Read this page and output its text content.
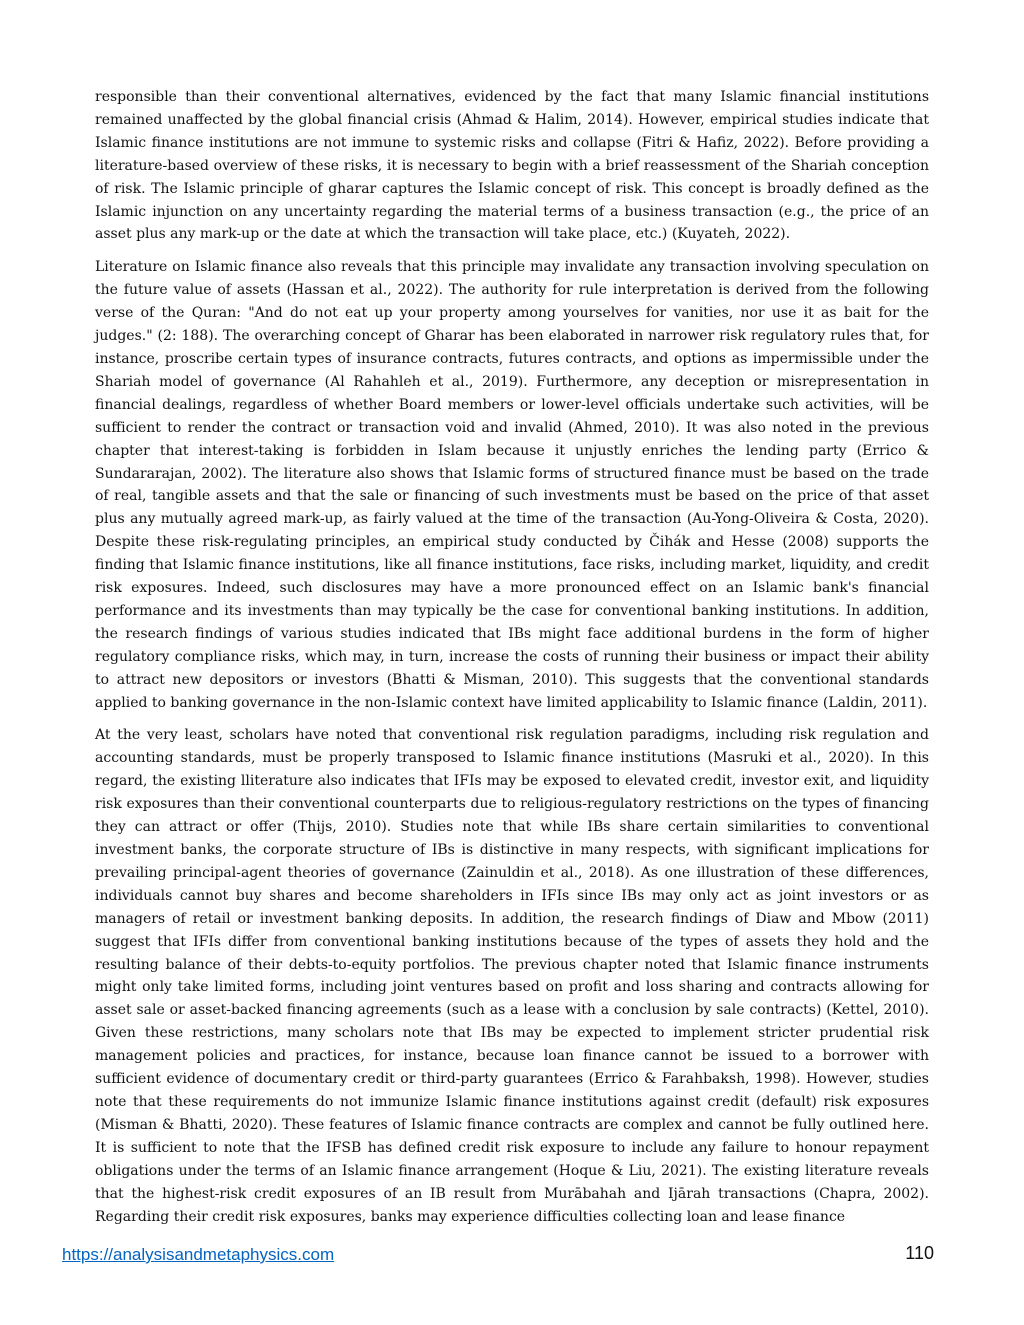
responsible than their conventional alternatives, evidenced by the fact that many Islamic financial institutions remained unaffected by the global financial crisis (Ahmad & Halim, 2014). However, empirical studies indicate that Islamic finance institutions are not immune to systemic risks and collapse (Fitri & Hafiz, 2022). Before providing a literature-based overview of these risks, it is necessary to begin with a brief reassessment of the Shariah conception of risk. The Islamic principle of gharar captures the Islamic concept of risk. This concept is broadly defined as the Islamic injunction on any uncertainty regarding the material terms of a business transaction (e.g., the price of an asset plus any mark-up or the date at which the transaction will take place, etc.) (Kuyateh, 2022).

Literature on Islamic finance also reveals that this principle may invalidate any transaction involving speculation on the future value of assets (Hassan et al., 2022). The authority for rule interpretation is derived from the following verse of the Quran: "And do not eat up your property among yourselves for vanities, nor use it as bait for the judges." (2: 188). The overarching concept of Gharar has been elaborated in narrower risk regulatory rules that, for instance, proscribe certain types of insurance contracts, futures contracts, and options as impermissible under the Shariah model of governance (Al Rahahleh et al., 2019). Furthermore, any deception or misrepresentation in financial dealings, regardless of whether Board members or lower-level officials undertake such activities, will be sufficient to render the contract or transaction void and invalid (Ahmed, 2010). It was also noted in the previous chapter that interest-taking is forbidden in Islam because it unjustly enriches the lending party (Errico & Sundararajan, 2002). The literature also shows that Islamic forms of structured finance must be based on the trade of real, tangible assets and that the sale or financing of such investments must be based on the price of that asset plus any mutually agreed mark-up, as fairly valued at the time of the transaction (Au-Yong-Oliveira & Costa, 2020). Despite these risk-regulating principles, an empirical study conducted by Čihák and Hesse (2008) supports the finding that Islamic finance institutions, like all finance institutions, face risks, including market, liquidity, and credit risk exposures. Indeed, such disclosures may have a more pronounced effect on an Islamic bank's financial performance and its investments than may typically be the case for conventional banking institutions. In addition, the research findings of various studies indicated that IBs might face additional burdens in the form of higher regulatory compliance risks, which may, in turn, increase the costs of running their business or impact their ability to attract new depositors or investors (Bhatti & Misman, 2010). This suggests that the conventional standards applied to banking governance in the non-Islamic context have limited applicability to Islamic finance (Laldin, 2011).

At the very least, scholars have noted that conventional risk regulation paradigms, including risk regulation and accounting standards, must be properly transposed to Islamic finance institutions (Masruki et al., 2020). In this regard, the existing lliterature also indicates that IFIs may be exposed to elevated credit, investor exit, and liquidity risk exposures than their conventional counterparts due to religious-regulatory restrictions on the types of financing they can attract or offer (Thijs, 2010). Studies note that while IBs share certain similarities to conventional investment banks, the corporate structure of IBs is distinctive in many respects, with significant implications for prevailing principal-agent theories of governance (Zainuldin et al., 2018). As one illustration of these differences, individuals cannot buy shares and become shareholders in IFIs since IBs may only act as joint investors or as managers of retail or investment banking deposits. In addition, the research findings of Diaw and Mbow (2011) suggest that IFIs differ from conventional banking institutions because of the types of assets they hold and the resulting balance of their debts-to-equity portfolios. The previous chapter noted that Islamic finance instruments might only take limited forms, including joint ventures based on profit and loss sharing and contracts allowing for asset sale or asset-backed financing agreements (such as a lease with a conclusion by sale contracts) (Kettel, 2010). Given these restrictions, many scholars note that IBs may be expected to implement stricter prudential risk management policies and practices, for instance, because loan finance cannot be issued to a borrower with sufficient evidence of documentary credit or third-party guarantees (Errico & Farahbaksh, 1998). However, studies note that these requirements do not immunize Islamic finance institutions against credit (default) risk exposures (Misman & Bhatti, 2020). These features of Islamic finance contracts are complex and cannot be fully outlined here. It is sufficient to note that the IFSB has defined credit risk exposure to include any failure to honour repayment obligations under the terms of an Islamic finance arrangement (Hoque & Liu, 2021). The existing literature reveals that the highest-risk credit exposures of an IB result from Murābahah and Ijārah transactions (Chapra, 2002). Regarding their credit risk exposures, banks may experience difficulties collecting loan and lease finance

https://analysisandmetaphysics.com	110
